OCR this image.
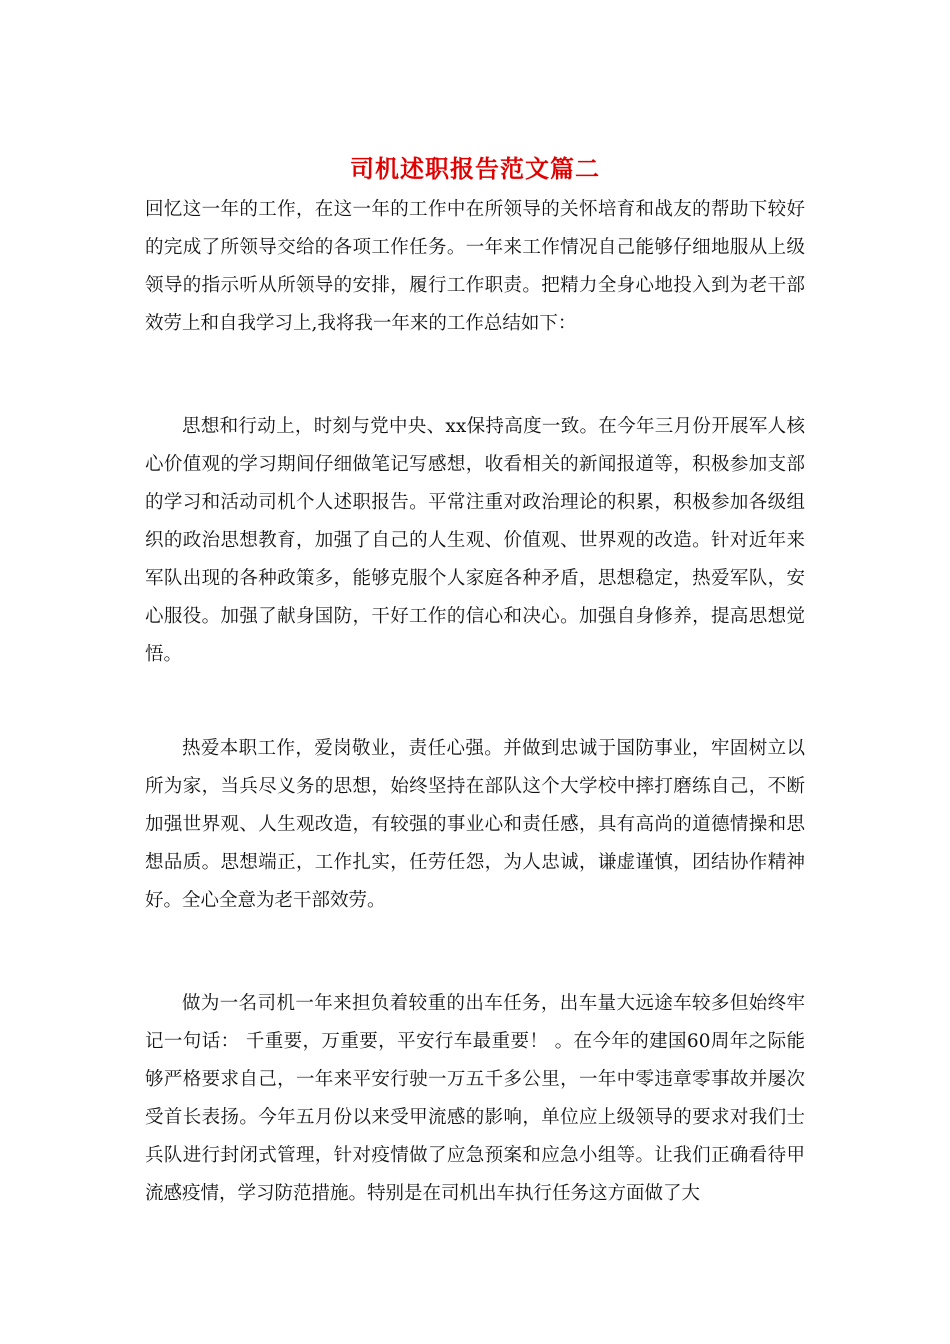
司机述职报告范文篇二

回忆这一年的工作，在这一年的工作中在所领导的关怀培育和战友的帮助下较好的完成了所领导交给的各项工作任务。一年来工作情况自己能够仔细地服从上级领导的指示听从所领导的安排，履行工作职责。把精力全身心地投入到为老干部效劳上和自我学习上,我将我一年来的工作总结如下：

思想和行动上，时刻与党中央、xx保持高度一致。在今年三月份开展军人核心价值观的学习期间仔细做笔记写感想，收看相关的新闻报道等，积极参加支部的学习和活动司机个人述职报告。平常注重对政治理论的积累，积极参加各级组织的政治思想教育，加强了自己的人生观、价值观、世界观的改造。针对近年来军队出现的各种政策多，能够克服个人家庭各种矛盾，思想稳定，热爱军队，安心服役。加强了献身国防，干好工作的信心和决心。加强自身修养，提高思想觉悟。

热爱本职工作，爱岗敬业，责任心强。并做到忠诚于国防事业，牢固树立以所为家，当兵尽义务的思想，始终坚持在部队这个大学校中摔打磨练自己，不断加强世界观、人生观改造，有较强的事业心和责任感，具有高尚的道德情操和思想品质。思想端正，工作扎实，任劳任怨，为人忠诚，谦虚谨慎，团结协作精神好。全心全意为老干部效劳。

做为一名司机一年来担负着较重的出车任务，出车量大远途车较多但始终牢记一句话： 千重要，万重要，平安行车最重要！ 。在今年的建国60周年之际能够严格要求自己，一年来平安行驶一万五千多公里，一年中零违章零事故并屡次受首长表扬。今年五月份以来受甲流感的影响，单位应上级领导的要求对我们士兵队进行封闭式管理，针对疫情做了应急预案和应急小组等。让我们正确看待甲流感疫情，学习防范措施。特别是在司机出车执行任务这方面做了大
